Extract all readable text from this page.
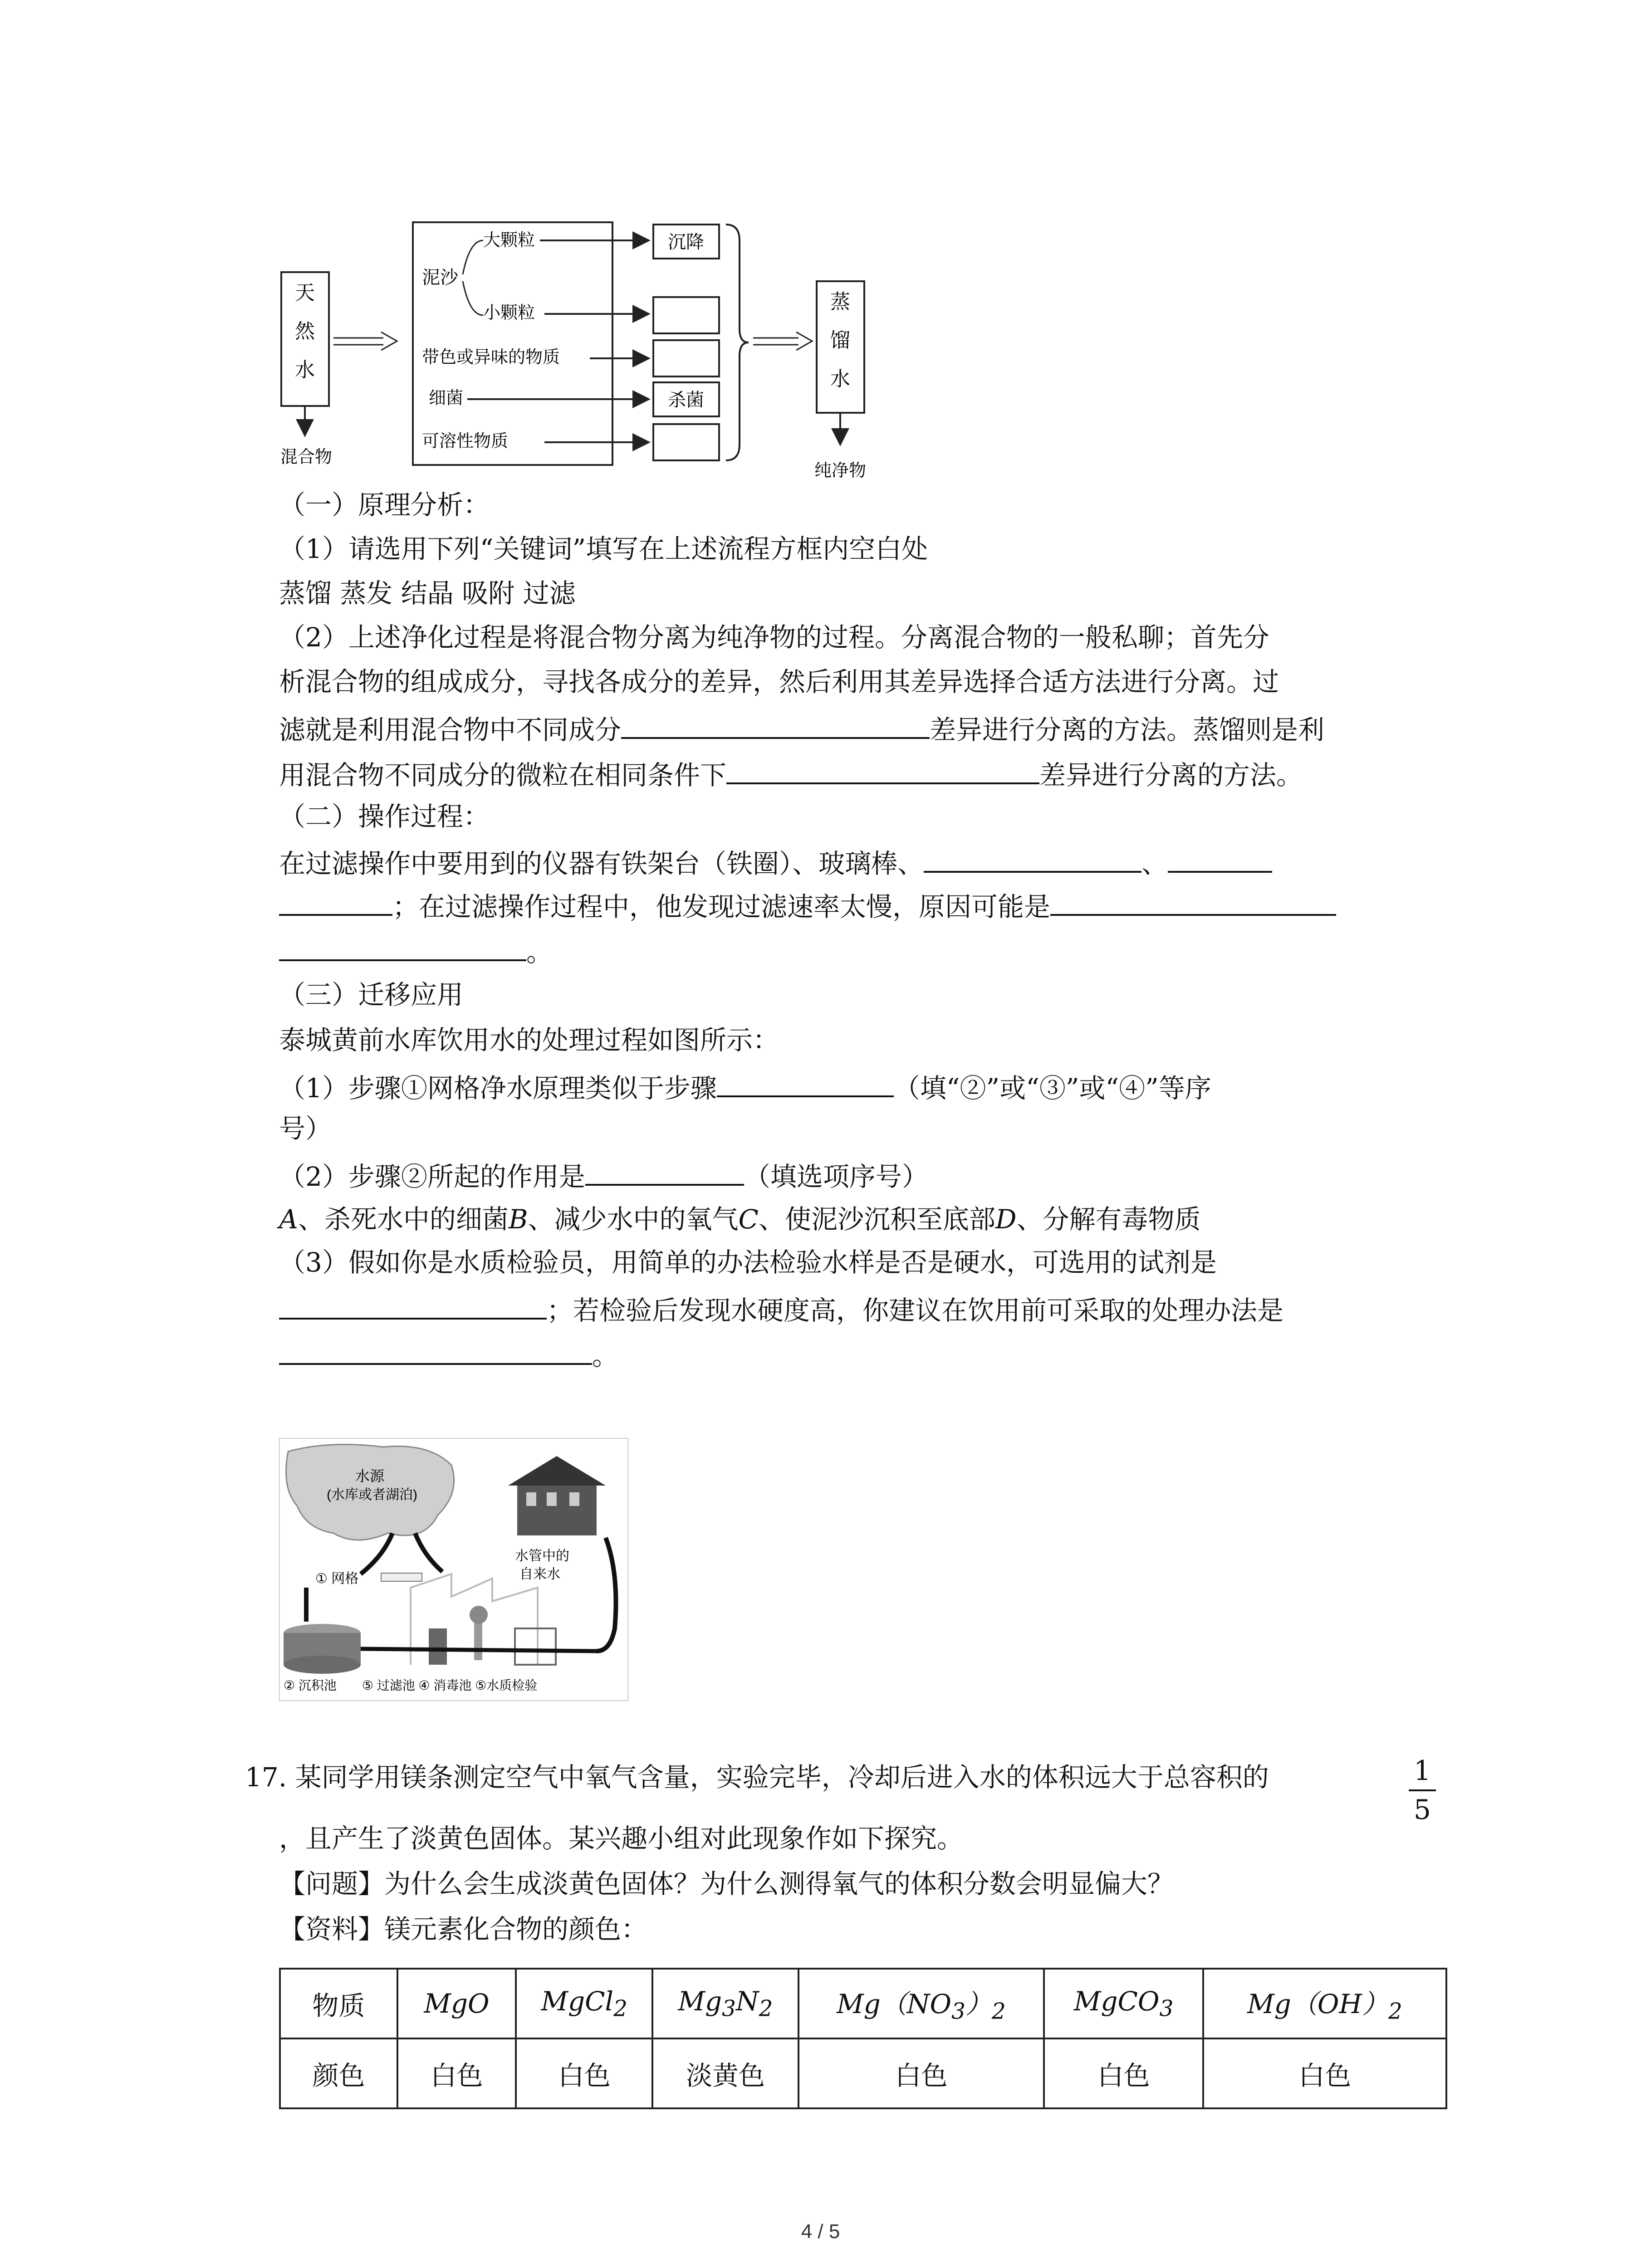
天
然
水
混合物
泥沙
大颗粒
小颗粒
带色或异味的物质
细菌
可溶性物质
沉降
杀菌
蒸
馏
水
纯净物
（一）原理分析：
（1）请选用下列“关键词”填写在上述流程方框内空白处
蒸馏 蒸发 结晶 吸附 过滤
（2）上述净化过程是将混合物分离为纯净物的过程。分离混合物的一般私聊；首先分
析混合物的组成成分，寻找各成分的差异，然后利用其差异选择合适方法进行分离。过
滤就是利用混合物中不同成分	差异进行分离的方法。蒸馏则是利
用混合物不同成分的微粒在相同条件下	差异进行分离的方法。
（二）操作过程：
在过滤操作中要用到的仪器有铁架台（铁圈）、玻璃棒、	、
；在过滤操作过程中，他发现过滤速率太慢，原因可能是
。
（三）迁移应用
泰城黄前水库饮用水的处理过程如图所示：
（1）步骤①网格净水原理类似于步骤	（填“②”或“③”或“④”等序
号）
（2）步骤②所起的作用是	（填选项序号）
A、杀死水中的细菌B、减少水中的氧气C、使泥沙沉积至底部D、分解有毒物质
（3）假如你是水质检验员，用简单的办法检验水样是否是硬水，可选用的试剂是
；若检验后发现水硬度高，你建议在饮用前可采取的处理办法是
。
水源
(水库或者湖泊)
① 网格
水管中的
自来水
② 沉积池　　⑤ 过滤池 ④ 消毒池 ⑤水质检验
17. 某同学用镁条测定空气中氧气含量，实验完毕，冷却后进入水的体积远大于总容积的	1
5
，且产生了淡黄色固体。某兴趣小组对此现象作如下探究。
【问题】为什么会生成淡黄色固体？为什么测得氧气的体积分数会明显偏大？
【资料】镁元素化合物的颜色：
物质	MgO	MgCl$_2$	$Mg_3N_2$	$Mg(NO_3)_2$	MgCO$_3$	$Mg(OH)_2$
颜色	白色	白色	淡黄色	白色	白色	白色
4 / 5
